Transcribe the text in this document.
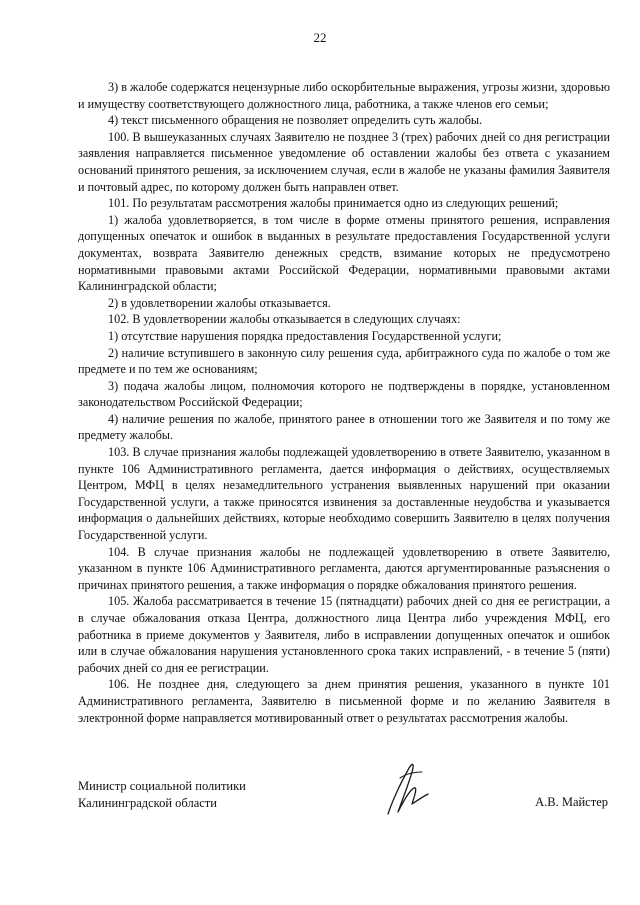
22

3) в жалобе содержатся нецензурные либо оскорбительные выражения, угрозы жизни, здоровью и имуществу соответствующего должностного лица, работника, а также членов его семьи;

4) текст письменного обращения не позволяет определить суть жалобы.

100. В вышеуказанных случаях Заявителю не позднее 3 (трех) рабочих дней со дня регистрации заявления направляется письменное уведомление об оставлении жалобы без ответа с указанием оснований принятого решения, за исключением случая, если в жалобе не указаны фамилия Заявителя и почтовый адрес, по которому должен быть направлен ответ.

101. По результатам рассмотрения жалобы принимается одно из следующих решений;

1) жалоба удовлетворяется, в том числе в форме отмены принятого решения, исправления допущенных опечаток и ошибок в выданных в результате предоставления Государственной услуги документах, возврата Заявителю денежных средств, взимание которых не предусмотрено нормативными правовыми актами Российской Федерации, нормативными правовыми актами Калининградской области;

2) в удовлетворении жалобы отказывается.

102. В удовлетворении жалобы отказывается в следующих случаях:

1) отсутствие нарушения порядка предоставления Государственной услуги;

2) наличие вступившего в законную силу решения суда, арбитражного суда по жалобе о том же предмете и по тем же основаниям;

3) подача жалобы лицом, полномочия которого не подтверждены в порядке, установленном законодательством Российской Федерации;

4) наличие решения по жалобе, принятого ранее в отношении того же Заявителя и по тому же предмету жалобы.

103. В случае признания жалобы подлежащей удовлетворению в ответе Заявителю, указанном в пункте 106 Административного регламента, дается информация о действиях, осуществляемых Центром, МФЦ в целях незамедлительного устранения выявленных нарушений при оказании Государственной услуги, а также приносятся извинения за доставленные неудобства и указывается информация о дальнейших действиях, которые необходимо совершить Заявителю в целях получения Государственной услуги.

104. В случае признания жалобы не подлежащей удовлетворению в ответе Заявителю, указанном в пункте 106 Административного регламента, даются аргументированные разъяснения о причинах принятого решения, а также информация о порядке обжалования принятого решения.

105. Жалоба рассматривается в течение 15 (пятнадцати) рабочих дней со дня ее регистрации, а в случае обжалования отказа Центра, должностного лица Центра либо учреждения МФЦ, его работника в приеме документов у Заявителя, либо в исправлении допущенных опечаток и ошибок или в случае обжалования нарушения установленного срока таких исправлений, - в течение 5 (пяти) рабочих дней со дня ее регистрации.

106. Не позднее дня, следующего за днем принятия решения, указанного в пункте 101 Административного регламента, Заявителю в письменной форме и по желанию Заявителя в электронной форме направляется мотивированный ответ о результатах рассмотрения жалобы.

Министр социальной политики
Калининградской области	А.В. Майстер
